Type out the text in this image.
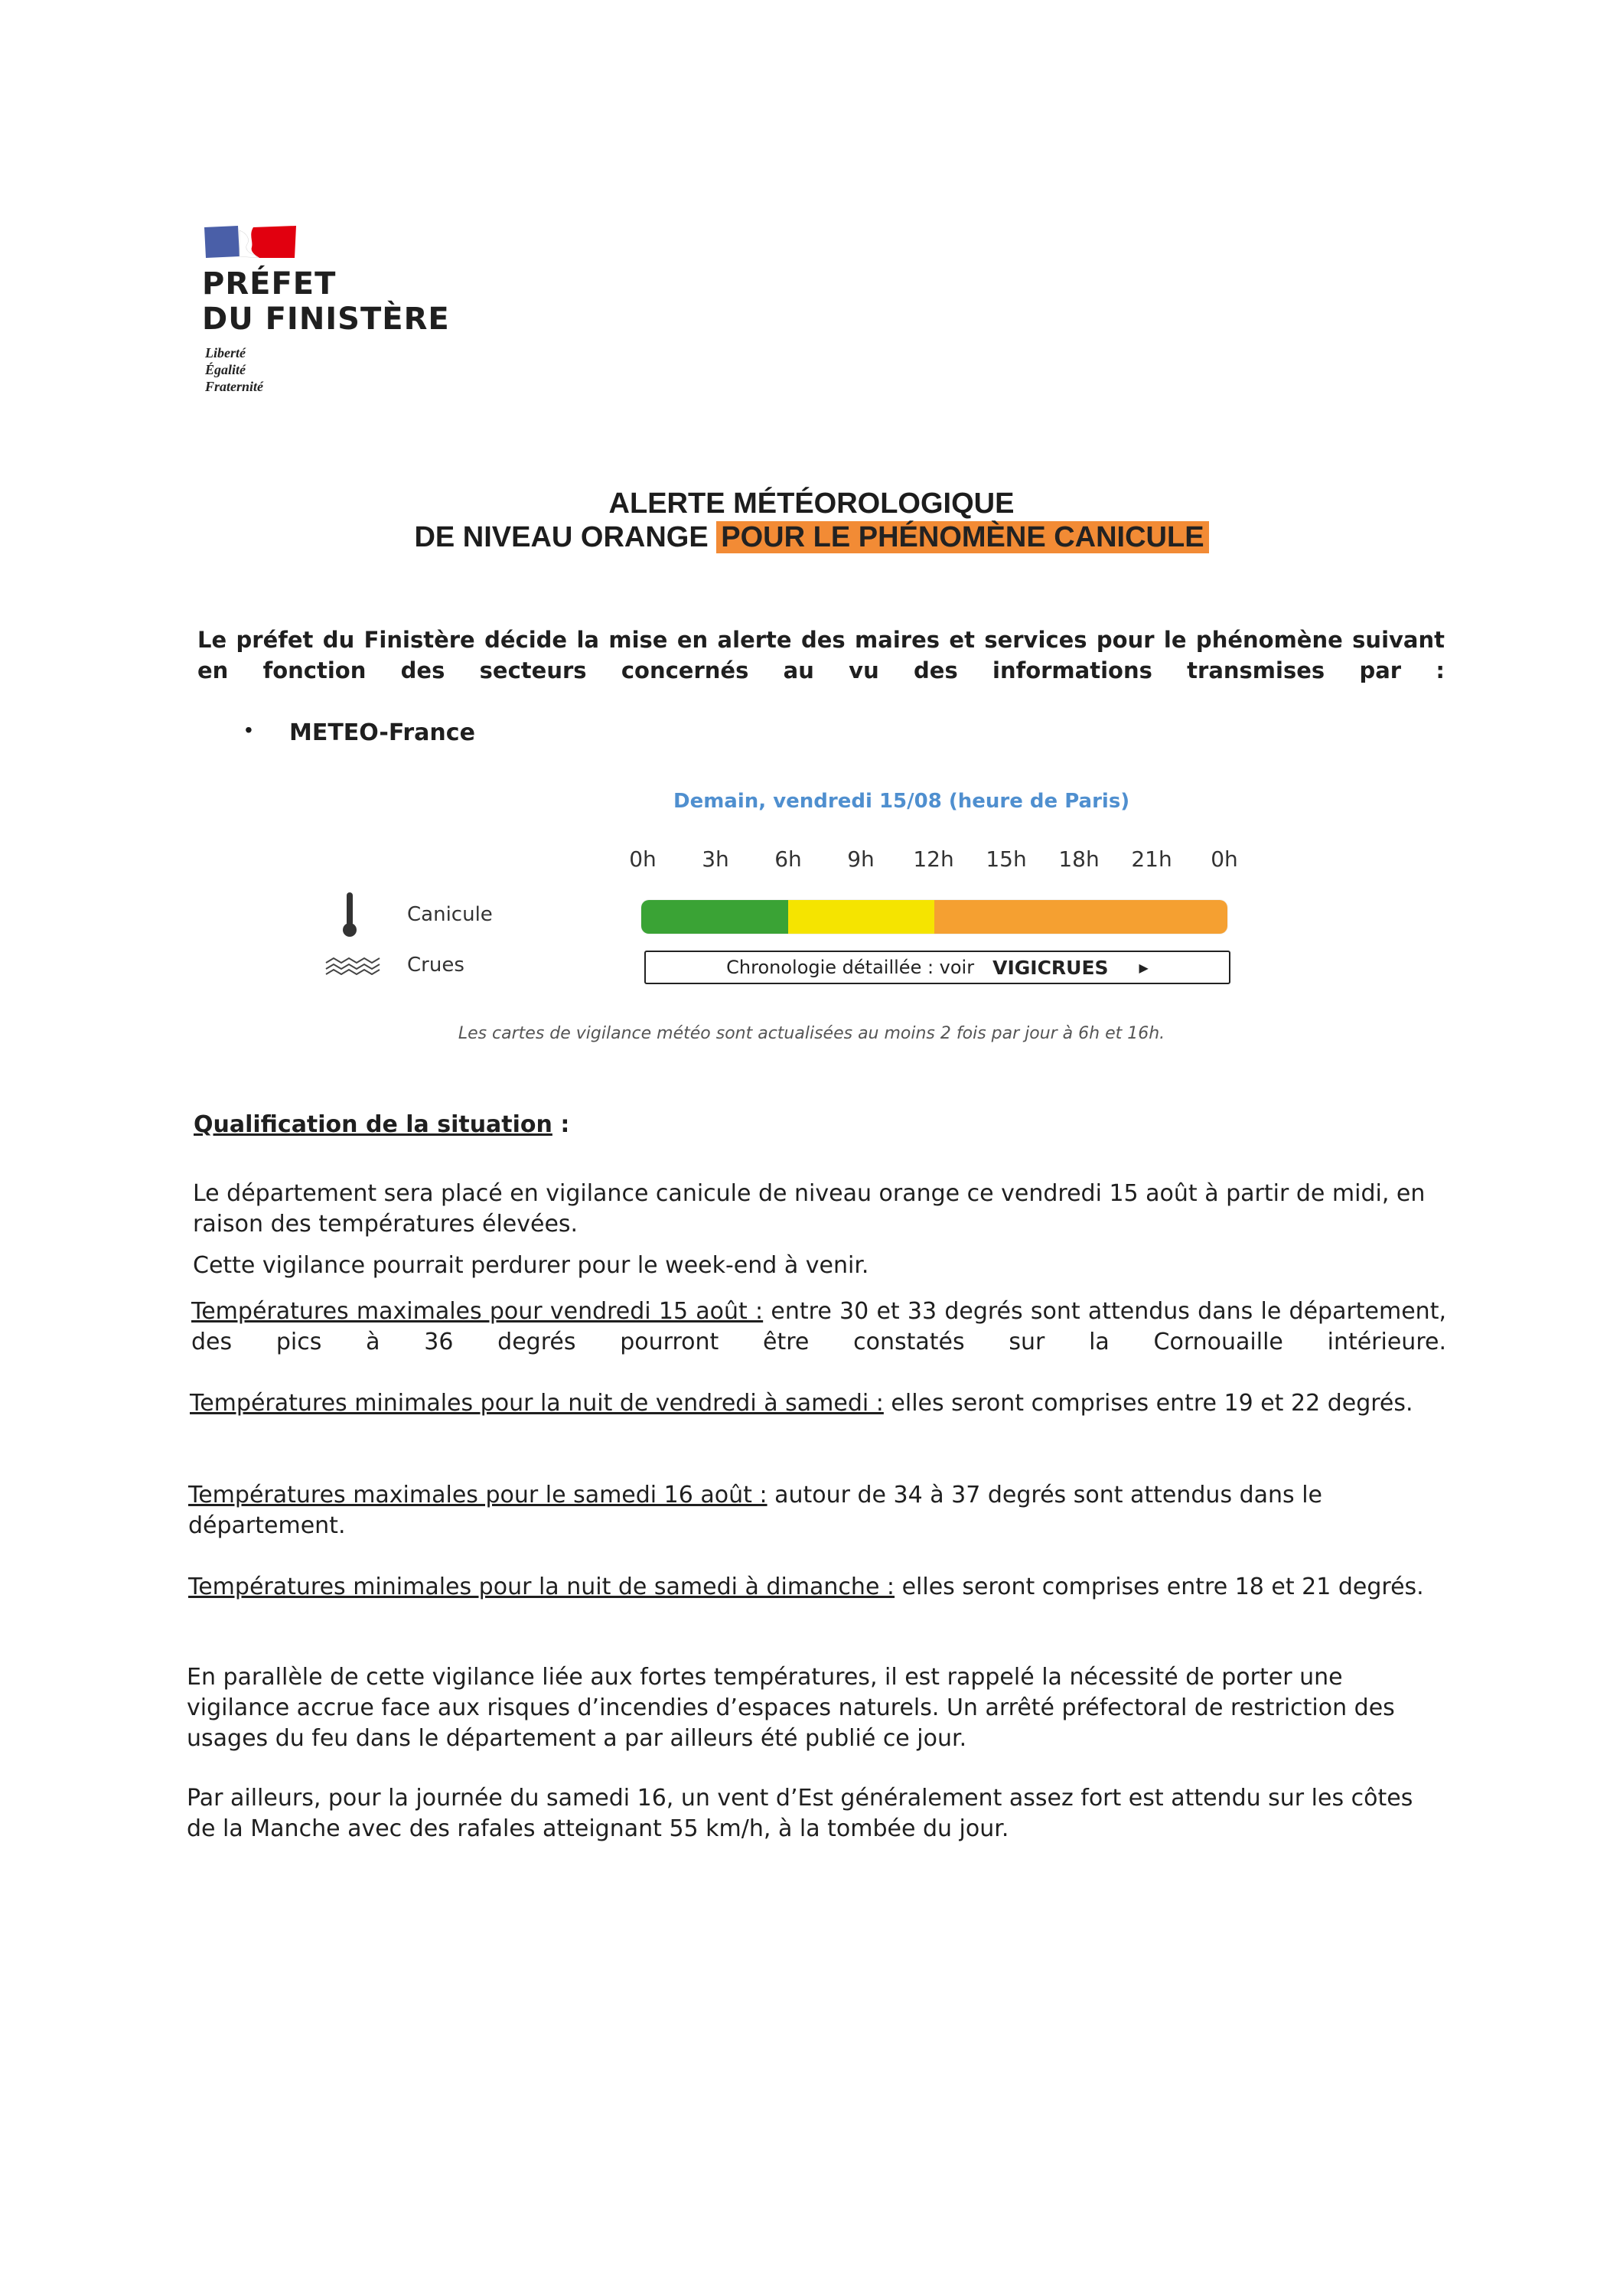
PRÉFET
DU FINISTÈRE
Liberté
Égalité
Fraternité
ALERTE MÉTÉOROLOGIQUE
DE NIVEAU ORANGE POUR LE PHÉNOMÈNE CANICULE
Le préfet du Finistère décide la mise en alerte des maires et services pour le phénomène suivant en fonction des secteurs concernés au vu des informations transmises par :
• METEO-France
Demain, vendredi 15/08 (heure de Paris)
0h	3h	6h	9h	12h	15h	18h	21h	0h
Canicule
Crues	Chronologie détaillée : voir VIGICRUES	▶
Les cartes de vigilance météo sont actualisées au moins 2 fois par jour à 6h et 16h.
Qualification de la situation :
Le département sera placé en vigilance canicule de niveau orange ce vendredi 15 août à partir de midi, en raison des températures élevées.
Cette vigilance pourrait perdurer pour le week-end à venir.
Températures maximales pour vendredi 15 août : entre 30 et 33 degrés sont attendus dans le département, des pics à 36 degrés pourront être constatés sur la Cornouaille intérieure.
Températures minimales pour la nuit de vendredi à samedi : elles seront comprises entre 19 et 22 degrés.
Températures maximales pour le samedi 16 août : autour de 34 à 37 degrés sont attendus dans le département.
Températures minimales pour la nuit de samedi à dimanche : elles seront comprises entre 18 et 21 degrés.
En parallèle de cette vigilance liée aux fortes températures, il est rappelé la nécessité de porter une vigilance accrue face aux risques d’incendies d’espaces naturels. Un arrêté préfectoral de restriction des usages du feu dans le département a par ailleurs été publié ce jour.
Par ailleurs, pour la journée du samedi 16, un vent d’Est généralement assez fort est attendu sur les côtes de la Manche avec des rafales atteignant 55 km/h, à la tombée du jour.
